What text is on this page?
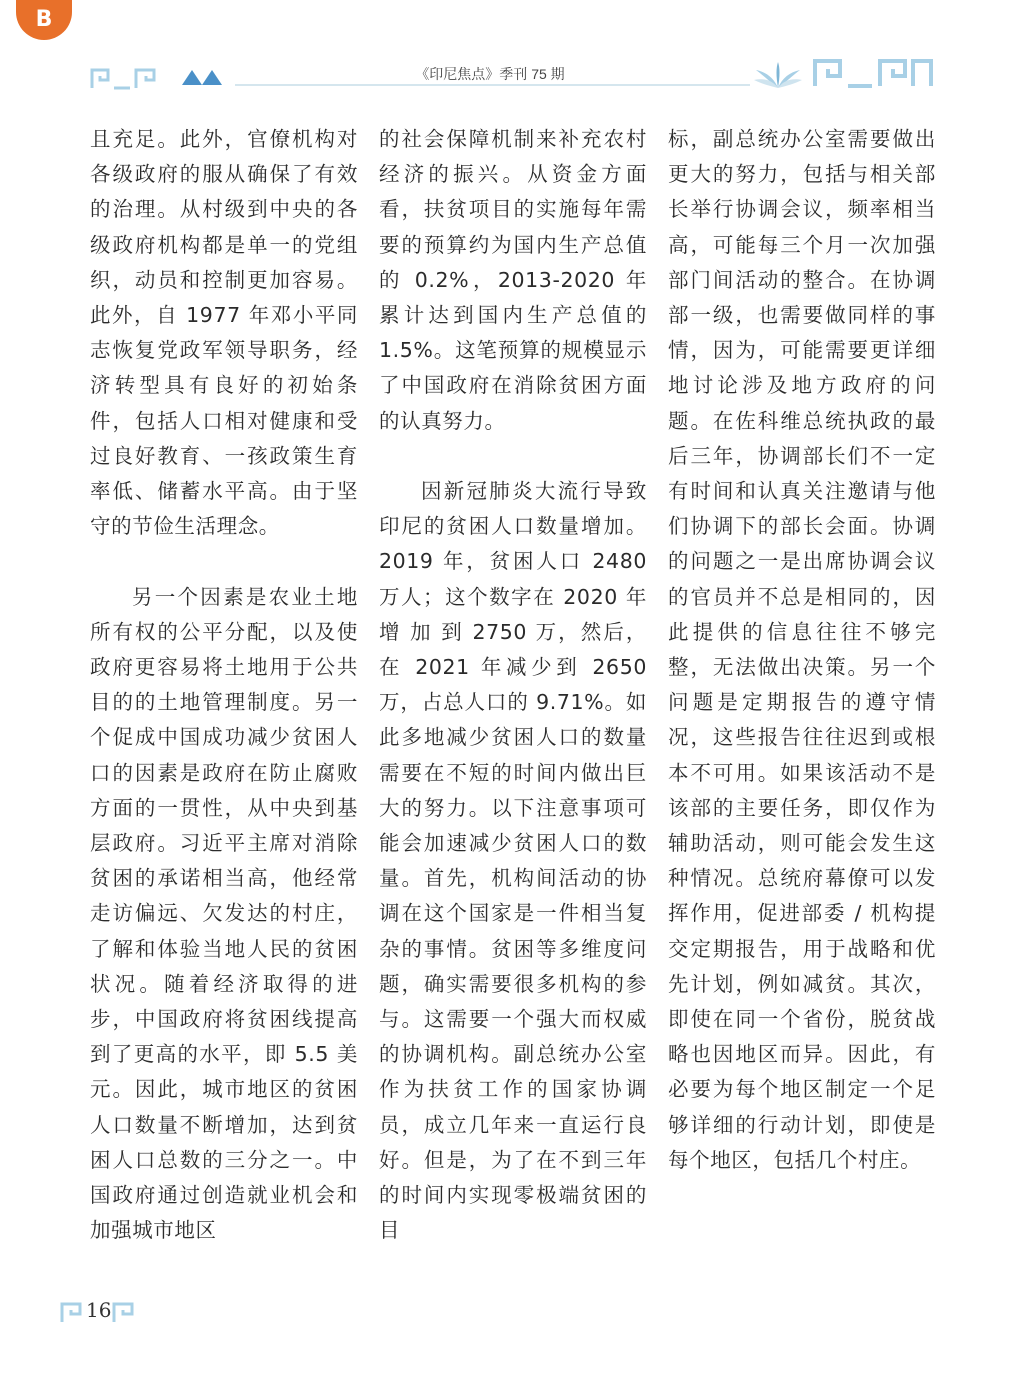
B
《印尼焦点》季刊 75 期

且充足。此外，官僚机构对各级政府的服从确保了有效的治理。从村级到中央的各级政府机构都是单一的党组织，动员和控制更加容易。此外，自 1977 年邓小平同志恢复党政军领导职务，经济转型具有良好的初始条件，包括人口相对健康和受过良好教育、一孩政策生育率低、储蓄水平高。由于坚守的节俭生活理念。

另一个因素是农业土地所有权的公平分配，以及使政府更容易将土地用于公共目的的土地管理制度。另一个促成中国成功减少贫困人口的因素是政府在防止腐败方面的一贯性，从中央到基层政府。习近平主席对消除贫困的承诺相当高，他经常走访偏远、欠发达的村庄，了解和体验当地人民的贫困状况。随着经济取得的进步，中国政府将贫困线提高到了更高的水平，即 5.5 美元。因此，城市地区的贫困人口数量不断增加，达到贫困人口总数的三分之一。中国政府通过创造就业机会和加强城市地区

的社会保障机制来补充农村经济的振兴。从资金方面看，扶贫项目的实施每年需要的预算约为国内生产总值的 0.2%，2013-2020 年累计达到国内生产总值的 1.5%。这笔预算的规模显示了中国政府在消除贫困方面的认真努力。

因新冠肺炎大流行导致印尼的贫困人口数量增加。 2019 年，贫困人口 2480 万人；这个数字在 2020 年 增 加 到 2750 万，然后，在 2021 年减少到 2650 万，占总人口的 9.71%。如此多地减少贫困人口的数量需要在不短的时间内做出巨大的努力。以下注意事项可能会加速减少贫困人口的数量。首先，机构间活动的协调在这个国家是一件相当复杂的事情。贫困等多维度问题，确实需要很多机构的参与。这需要一个强大而权威的协调机构。副总统办公室作为扶贫工作的国家协调员，成立几年来一直运行良好。但是，为了在不到三年的时间内实现零极端贫困的目

标，副总统办公室需要做出更大的努力，包括与相关部长举行协调会议，频率相当高，可能每三个月一次加强部门间活动的整合。在协调部一级，也需要做同样的事情，因为，可能需要更详细地讨论涉及地方政府的问题。在佐科维总统执政的最后三年，协调部长们不一定有时间和认真关注邀请与他们协调下的部长会面。协调的问题之一是出席协调会议的官员并不总是相同的，因此提供的信息往往不够完整，无法做出决策。另一个问题是定期报告的遵守情况，这些报告往往迟到或根本不可用。如果该活动不是该部的主要任务，即仅作为辅助活动，则可能会发生这种情况。总统府幕僚可以发挥作用，促进部委 / 机构提交定期报告，用于战略和优先计划，例如减贫。其次，即使在同一个省份，脱贫战略也因地区而异。因此，有必要为每个地区制定一个足够详细的行动计划，即使是每个地区，包括几个村庄。

16
